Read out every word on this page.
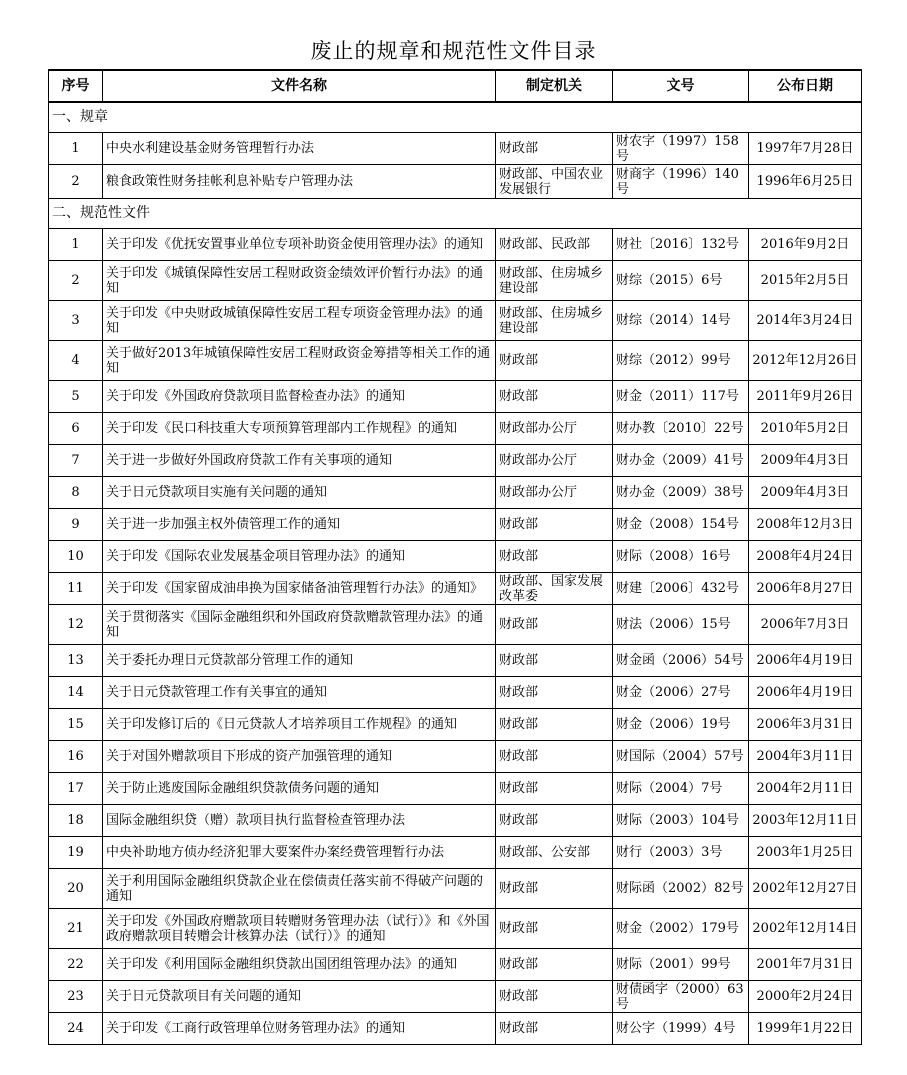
废止的规章和规范性文件目录
序号	文件名称	制定机关	文号	公布日期
一、规章				
1	中央水利建设基金财务管理暂行办法	财政部	财农字（1997）158号	1997年7月28日
2	粮食政策性财务挂帐利息补贴专户管理办法	财政部、中国农业发展银行	财商字（1996）140号	1996年6月25日
二、规范性文件				
1	关于印发《优抚安置事业单位专项补助资金使用管理办法》的通知	财政部、民政部	财社〔2016〕132号	2016年9月2日
2	关于印发《城镇保障性安居工程财政资金绩效评价暂行办法》的通知	财政部、住房城乡建设部	财综（2015）6号	2015年2月5日
3	关于印发《中央财政城镇保障性安居工程专项资金管理办法》的通知	财政部、住房城乡建设部	财综（2014）14号	2014年3月24日
4	关于做好2013年城镇保障性安居工程财政资金筹措等相关工作的通知	财政部	财综（2012）99号	2012年12月26日
5	关于印发《外国政府贷款项目监督检查办法》的通知	财政部	财金（2011）117号	2011年9月26日
6	关于印发《民口科技重大专项预算管理部内工作规程》的通知	财政部办公厅	财办教〔2010〕22号	2010年5月2日
7	关于进一步做好外国政府贷款工作有关事项的通知	财政部办公厅	财办金（2009）41号	2009年4月3日
8	关于日元贷款项目实施有关问题的通知	财政部办公厅	财办金（2009）38号	2009年4月3日
9	关于进一步加强主权外债管理工作的通知	财政部	财金（2008）154号	2008年12月3日
10	关于印发《国际农业发展基金项目管理办法》的通知	财政部	财际（2008）16号	2008年4月24日
11	关于印发《国家留成油串换为国家储备油管理暂行办法》的通知》	财政部、国家发展改革委	财建〔2006〕432号	2006年8月27日
12	关于贯彻落实《国际金融组织和外国政府贷款赠款管理办法》的通知	财政部	财法（2006）15号	2006年7月3日
13	关于委托办理日元贷款部分管理工作的通知	财政部	财金函（2006）54号	2006年4月19日
14	关于日元贷款管理工作有关事宜的通知	财政部	财金（2006）27号	2006年4月19日
15	关于印发修订后的《日元贷款人才培养项目工作规程》的通知	财政部	财金（2006）19号	2006年3月31日
16	关于对国外赠款项目下形成的资产加强管理的通知	财政部	财国际（2004）57号	2004年3月11日
17	关于防止逃废国际金融组织贷款债务问题的通知	财政部	财际（2004）7号	2004年2月11日
18	国际金融组织贷（赠）款项目执行监督检查管理办法	财政部	财际（2003）104号	2003年12月11日
19	中央补助地方侦办经济犯罪大要案件办案经费管理暂行办法	财政部、公安部	财行（2003）3号	2003年1月25日
20	关于利用国际金融组织贷款企业在偿债责任落实前不得破产问题的通知	财政部	财际函（2002）82号	2002年12月27日
21	关于印发《外国政府赠款项目转赠财务管理办法（试行）》和《外国政府赠款项目转赠会计核算办法（试行）》的通知	财政部	财金（2002）179号	2002年12月14日
22	关于印发《利用国际金融组织贷款出国团组管理办法》的通知	财政部	财际（2001）99号	2001年7月31日
23	关于日元贷款项目有关问题的通知	财政部	财债函字（2000）63号	2000年2月24日
24	关于印发《工商行政管理单位财务管理办法》的通知	财政部	财公字（1999）4号	1999年1月22日
